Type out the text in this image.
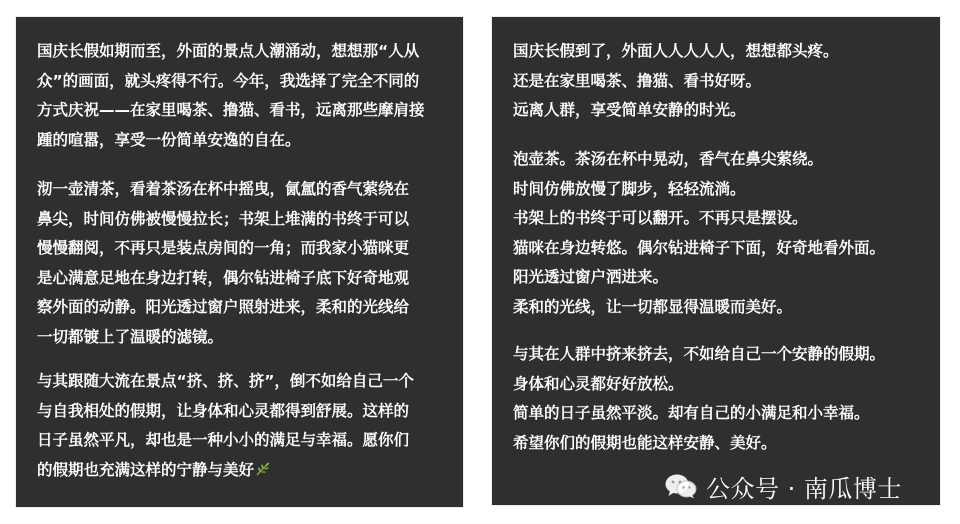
国庆长假如期而至，外面的景点人潮涌动，想想那“人从
众”的画面，就头疼得不行。今年，我选择了完全不同的
方式庆祝——在家里喝茶、撸猫、看书，远离那些摩肩接
踵的喧嚣，享受一份简单安逸的自在。

沏一壶清茶，看着茶汤在杯中摇曳，氤氲的香气萦绕在
鼻尖，时间仿佛被慢慢拉长；书架上堆满的书终于可以
慢慢翻阅，不再只是装点房间的一角；而我家小猫咪更
是心满意足地在身边打转，偶尔钻进椅子底下好奇地观
察外面的动静。阳光透过窗户照射进来，柔和的光线给
一切都镀上了温暖的滤镜。

与其跟随大流在景点“挤、挤、挤”，倒不如给自己一个
与自我相处的假期，让身体和心灵都得到舒展。这样的
日子虽然平凡，却也是一种小小的满足与幸福。愿你们
的假期也充满这样的宁静与美好

国庆长假到了，外面人人人人人，想想都头疼。
还是在家里喝茶、撸猫、看书好呀。
远离人群，享受简单安静的时光。

泡壶茶。茶汤在杯中晃动，香气在鼻尖萦绕。
时间仿佛放慢了脚步，轻轻流淌。
书架上的书终于可以翻开。不再只是摆设。
猫咪在身边转悠。偶尔钻进椅子下面，好奇地看外面。
阳光透过窗户洒进来。
柔和的光线，让一切都显得温暖而美好。

与其在人群中挤来挤去，不如给自己一个安静的假期。
身体和心灵都好好放松。
简单的日子虽然平淡。却有自己的小满足和小幸福。
希望你们的假期也能这样安静、美好。

公众号 · 南瓜博士
